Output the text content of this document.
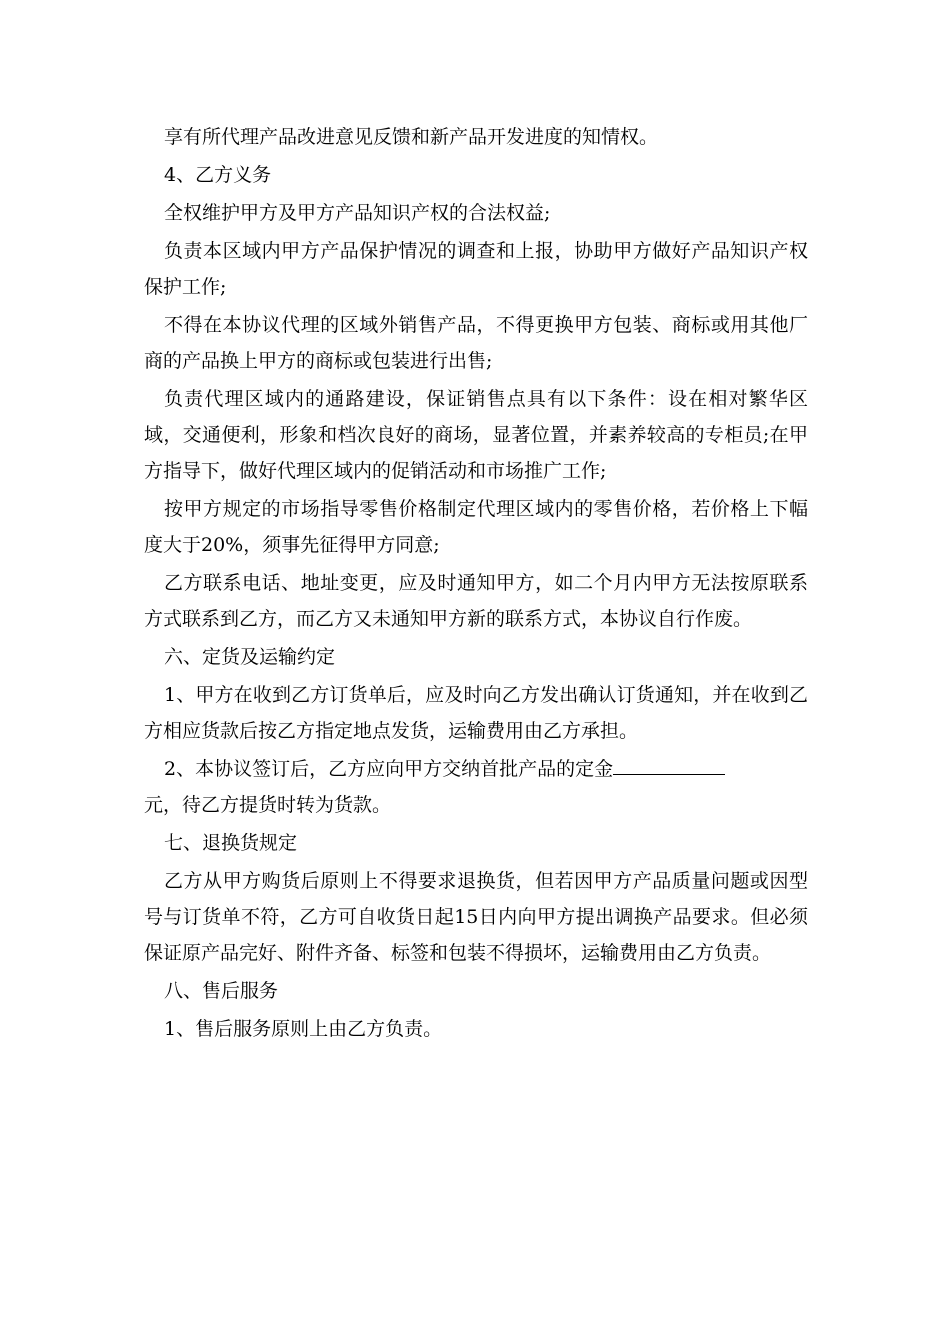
享有所代理产品改进意见反馈和新产品开发进度的知情权。

4、乙方义务

全权维护甲方及甲方产品知识产权的合法权益;

负责本区域内甲方产品保护情况的调查和上报，协助甲方做好产品知识产权保护工作;

不得在本协议代理的区域外销售产品，不得更换甲方包装、商标或用其他厂商的产品换上甲方的商标或包装进行出售;

负责代理区域内的通路建设，保证销售点具有以下条件：设在相对繁华区域，交通便利，形象和档次良好的商场，显著位置，并素养较高的专柜员;在甲方指导下，做好代理区域内的促销活动和市场推广工作;

按甲方规定的市场指导零售价格制定代理区域内的零售价格，若价格上下幅度大于20%，须事先征得甲方同意;

乙方联系电话、地址变更，应及时通知甲方，如二个月内甲方无法按原联系方式联系到乙方，而乙方又未通知甲方新的联系方式，本协议自行作废。

六、定货及运输约定

1、甲方在收到乙方订货单后，应及时向乙方发出确认订货通知，并在收到乙方相应货款后按乙方指定地点发货，运输费用由乙方承担。

2、本协议签订后，乙方应向甲方交纳首批产品的定金
元，待乙方提货时转为货款。

七、退换货规定

乙方从甲方购货后原则上不得要求退换货，但若因甲方产品质量问题或因型号与订货单不符，乙方可自收货日起15日内向甲方提出调换产品要求。但必须保证原产品完好、附件齐备、标签和包装不得损坏，运输费用由乙方负责。

八、售后服务

1、售后服务原则上由乙方负责。
